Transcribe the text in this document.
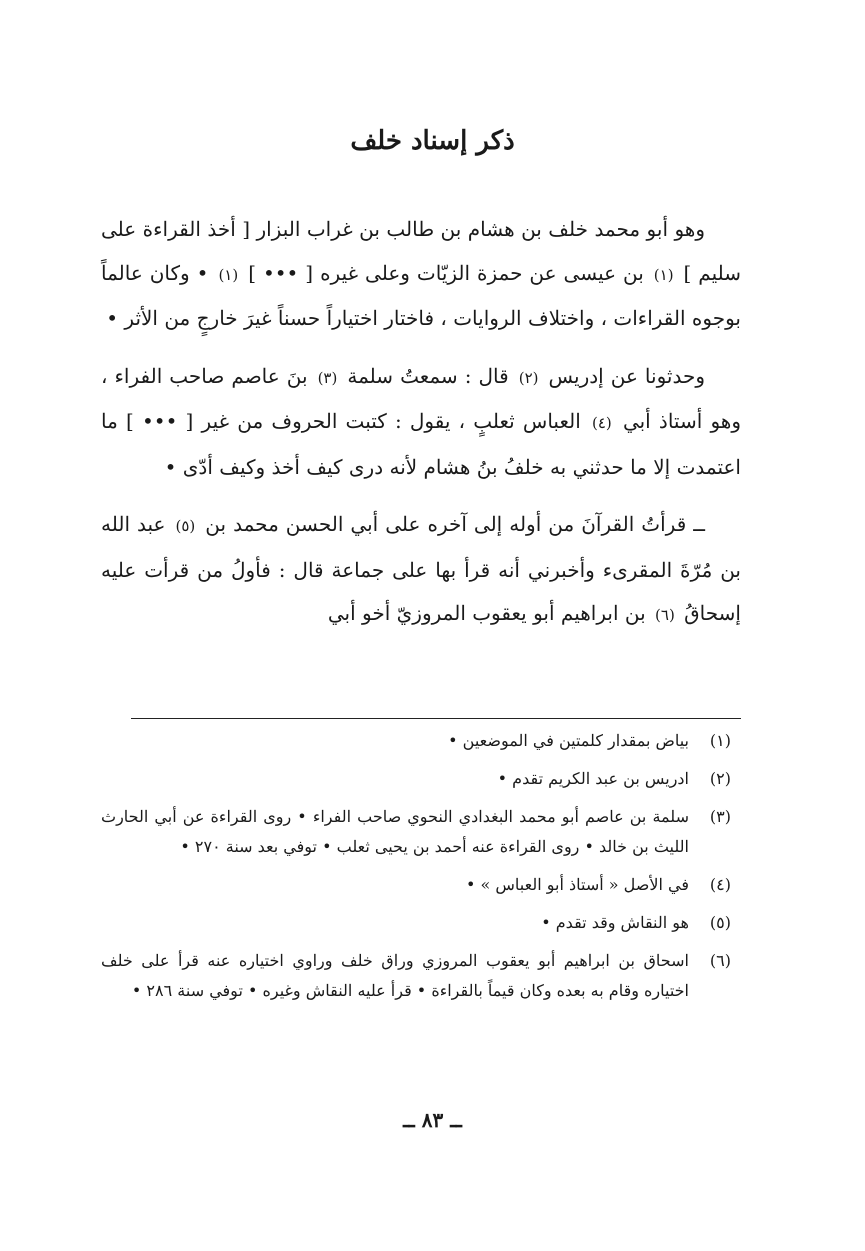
ذكر إسناد خلف

وهو أبو محمد خلف بن هشام بن طالب بن غراب البزار [ أخذ القراءة على سليم ] (١) بن عيسى عن حمزة الزيّات وعلى غيره [ ••• ] (١) • وكان عالماً بوجوه القراءات ، واختلاف الروايات ، فاختار اختياراً حسناً غيرَ خارجٍ من الأثر •

وحدثونا عن إدريس (٢) قال : سمعتُ سلمة (٣) بنَ عاصم صاحب الفراء ، وهو أستاذ أبي (٤) العباس ثعلبٍ ، يقول : كتبت الحروف من غير [ ••• ] ما اعتمدت إلا ما حدثني به خلفُ بنُ هشام لأنه درى كيف أخذ وكيف أدّى •

ــ قرأتُ القرآنَ من أوله إلى آخره على أبي الحسن محمد بن (٥) عبد الله بن مُرّةَ المقرىء وأخبرني أنه قرأ بها على جماعة قال : فأولُ من قرأت عليه إسحاقُ (٦) بن ابراهيم أبو يعقوب المروزيّ أخو أبي

(١)
بياض بمقدار كلمتين في الموضعين •
(٢)
ادريس بن عبد الكريم تقدم •
(٣)
سلمة بن عاصم أبو محمد البغدادي النحوي صاحب الفراء • روى القراءة عن أبي الحارث الليث بن خالد • روى القراءة عنه أحمد بن يحيى ثعلب • توفي بعد سنة ٢٧٠ •
(٤)
في الأصل « أستاذ أبو العباس » •
(٥)
هو النقاش وقد تقدم •
(٦)
اسحاق بن ابراهيم أبو يعقوب المروزي وراق خلف وراوي اختياره عنه قرأ على خلف اختياره وقام به بعده وكان قيماً بالقراءة • قرأ عليه النقاش وغيره • توفي سنة ٢٨٦ •
ــ ٨٣ ــ
